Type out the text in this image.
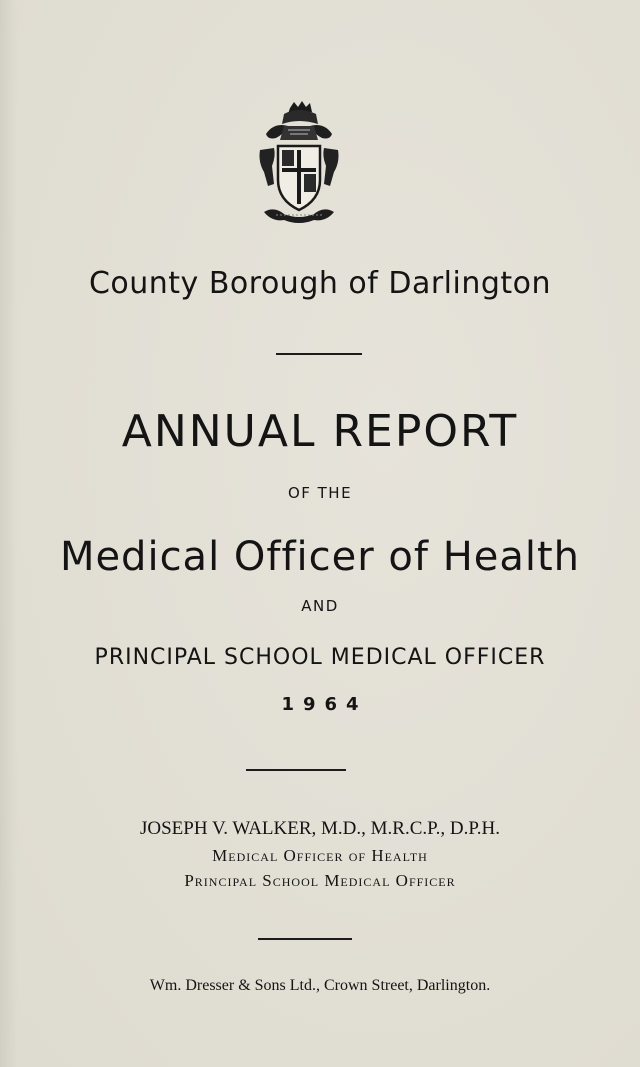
County Borough of Darlington
ANNUAL REPORT
OF THE
Medical Officer of Health
AND
PRINCIPAL SCHOOL MEDICAL OFFICER
1964
JOSEPH V. WALKER, M.D., M.R.C.P., D.P.H.
Medical Officer of Health
Principal School Medical Officer
Wm. Dresser & Sons Ltd., Crown Street, Darlington.
